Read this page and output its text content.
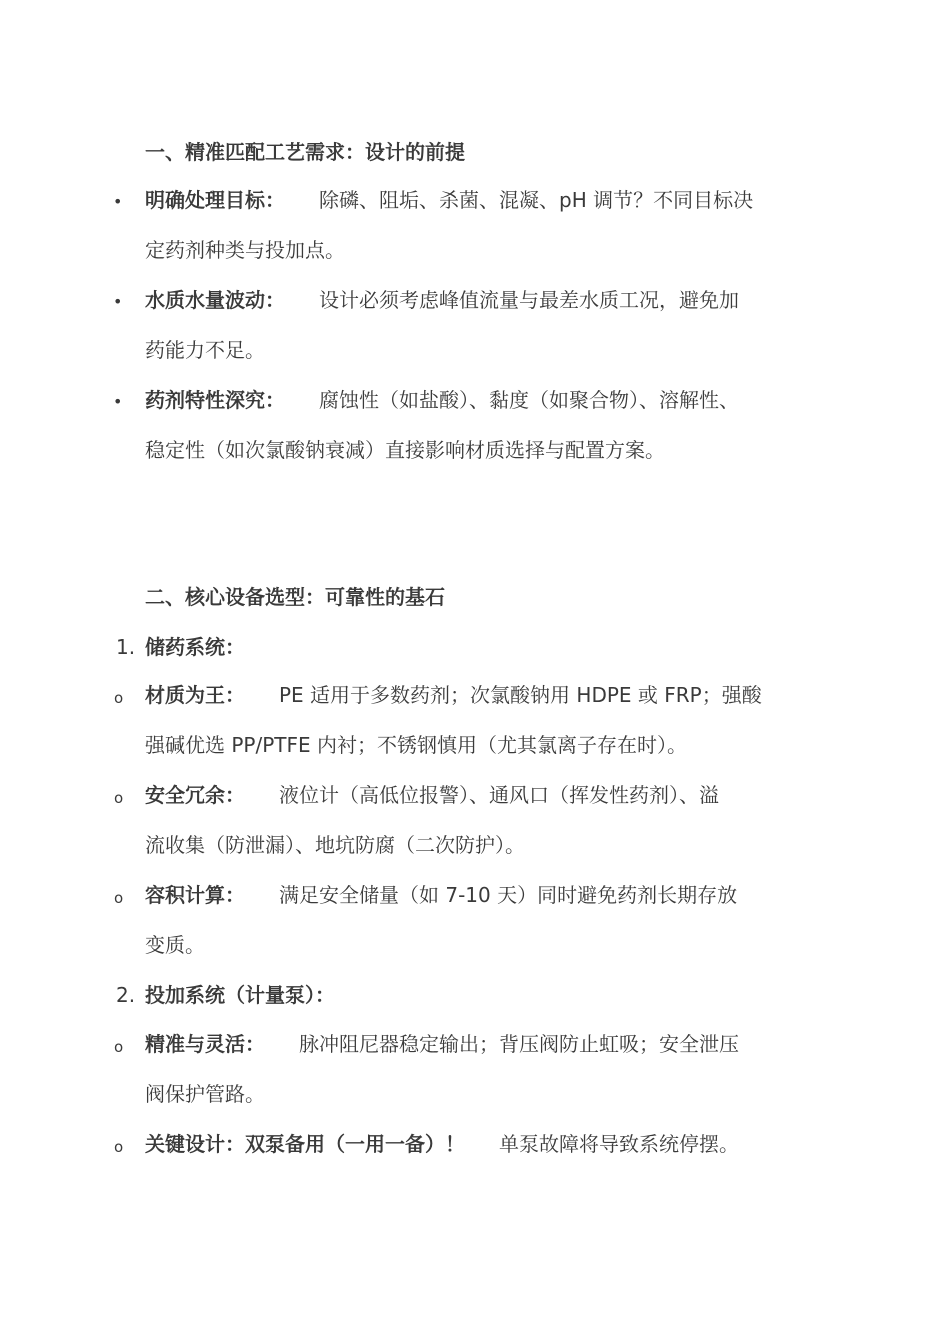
一、精准匹配工艺需求：设计的前提
• 明确处理目标： 除磷、阻垢、杀菌、混凝、pH 调节？不同目标决
定药剂种类与投加点。
• 水质水量波动： 设计必须考虑峰值流量与最差水质工况，避免加
药能力不足。
• 药剂特性深究： 腐蚀性（如盐酸）、黏度（如聚合物）、溶解性、
稳定性（如次氯酸钠衰减）直接影响材质选择与配置方案。
二、核心设备选型：可靠性的基石
1. 储药系统：
o 材质为王： PE 适用于多数药剂；次氯酸钠用 HDPE 或 FRP；强酸
强碱优选 PP/PTFE 内衬；不锈钢慎用（尤其氯离子存在时）。
o 安全冗余： 液位计（高低位报警）、通风口（挥发性药剂）、溢
流收集（防泄漏）、地坑防腐（二次防护）。
o 容积计算： 满足安全储量（如 7-10 天）同时避免药剂长期存放
变质。
2. 投加系统（计量泵）：
o 精准与灵活： 脉冲阻尼器稳定输出；背压阀防止虹吸；安全泄压
阀保护管路。
o 关键设计：双泵备用（一用一备）！ 单泵故障将导致系统停摆。
